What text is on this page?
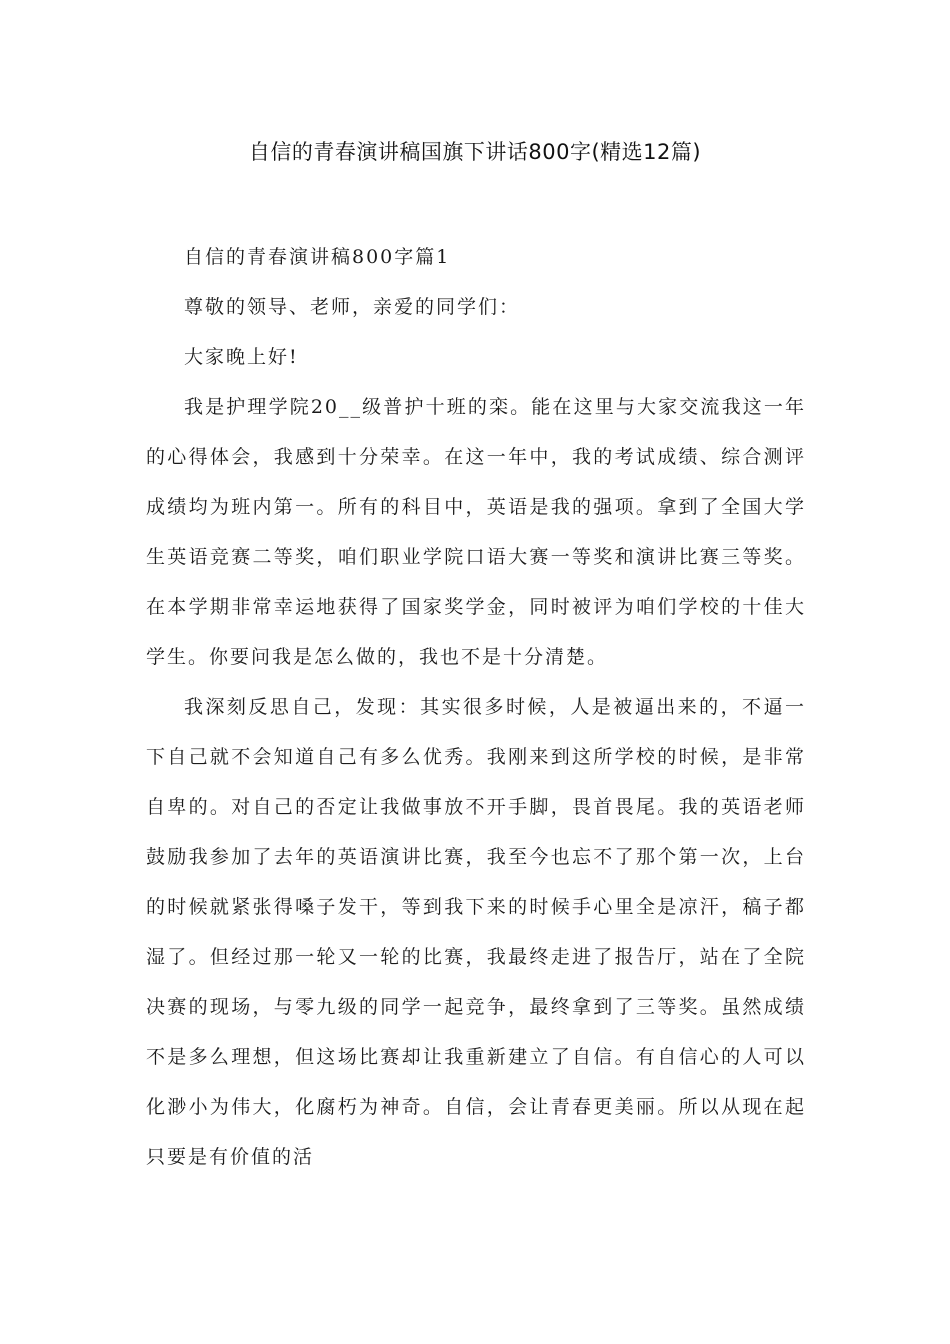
自信的青春演讲稿国旗下讲话800字(精选12篇)

自信的青春演讲稿800字篇1

尊敬的领导、老师，亲爱的同学们：

大家晚上好!

我是护理学院20__级普护十班的栾。能在这里与大家交流我这一年的心得体会，我感到十分荣幸。在这一年中，我的考试成绩、综合测评成绩均为班内第一。所有的科目中，英语是我的强项。拿到了全国大学生英语竞赛二等奖，咱们职业学院口语大赛一等奖和演讲比赛三等奖。在本学期非常幸运地获得了国家奖学金，同时被评为咱们学校的十佳大学生。你要问我是怎么做的，我也不是十分清楚。

我深刻反思自己，发现：其实很多时候，人是被逼出来的，不逼一下自己就不会知道自己有多么优秀。我刚来到这所学校的时候，是非常自卑的。对自己的否定让我做事放不开手脚，畏首畏尾。我的英语老师鼓励我参加了去年的英语演讲比赛，我至今也忘不了那个第一次，上台的时候就紧张得嗓子发干，等到我下来的时候手心里全是凉汗，稿子都湿了。但经过那一轮又一轮的比赛，我最终走进了报告厅，站在了全院决赛的现场，与零九级的同学一起竞争，最终拿到了三等奖。虽然成绩不是多么理想，但这场比赛却让我重新建立了自信。有自信心的人可以化渺小为伟大，化腐朽为神奇。自信，会让青春更美丽。所以从现在起只要是有价值的活
